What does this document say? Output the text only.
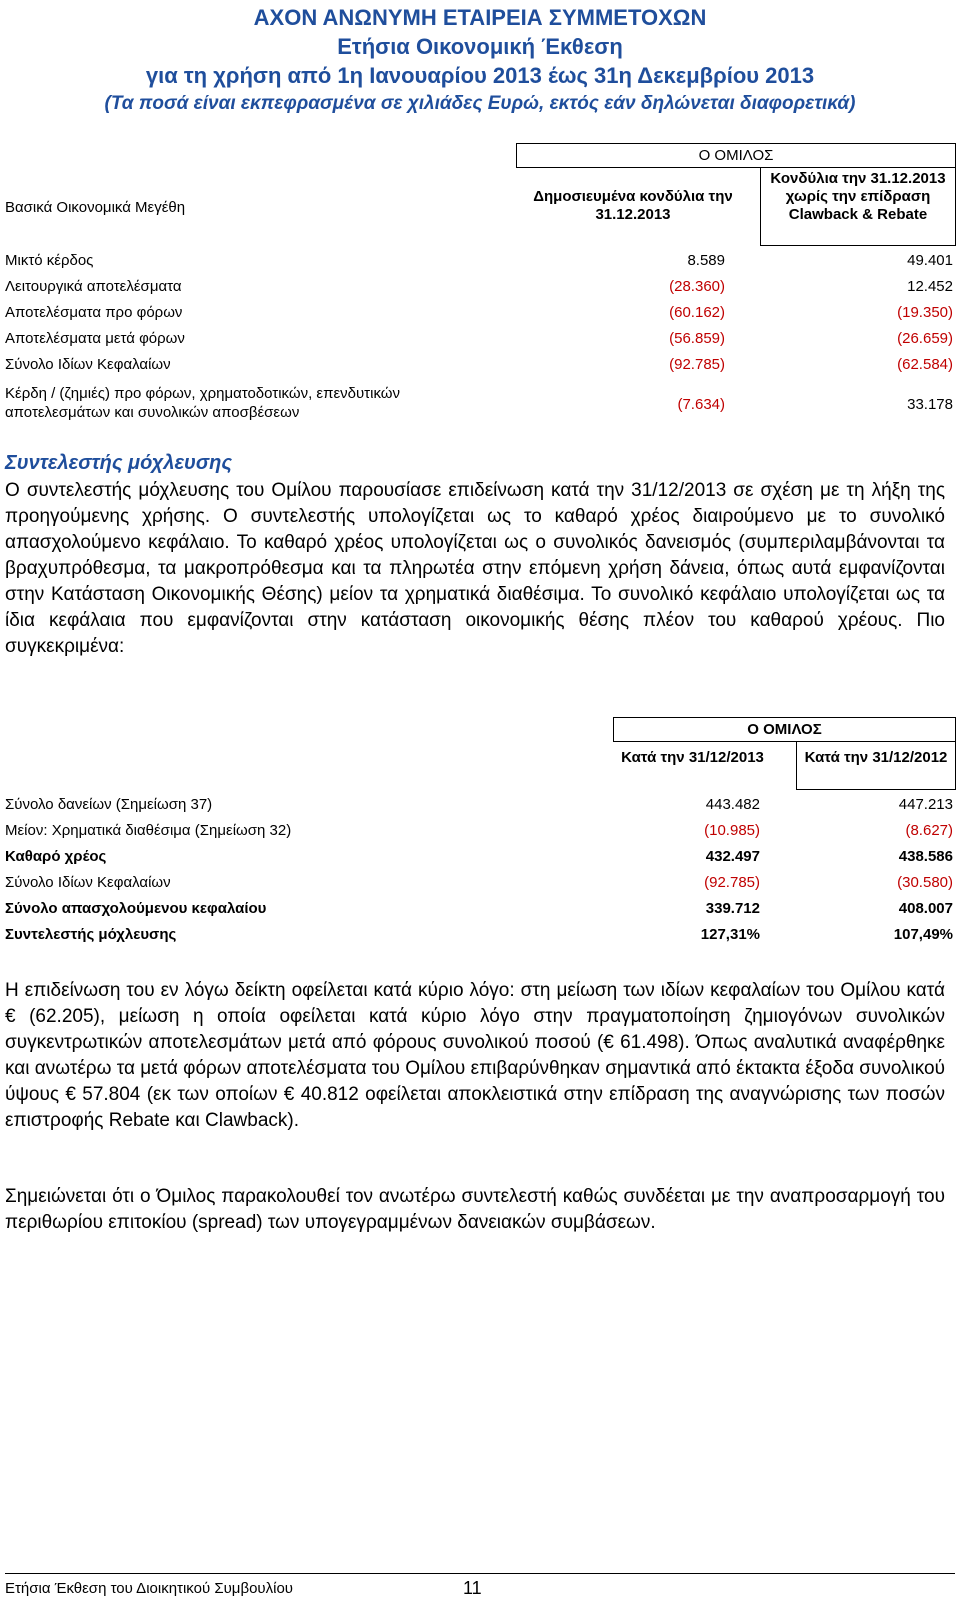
ΑΧΟΝ ΑΝΩΝΥΜΗ ΕΤΑΙΡΕΙΑ ΣΥΜΜΕΤΟΧΩΝ
Ετήσια Οικονομική Έκθεση
για τη χρήση από 1η Ιανουαρίου 2013 έως 31η Δεκεμβρίου 2013
(Τα ποσά είναι εκπεφρασμένα σε χιλιάδες Ευρώ, εκτός εάν δηλώνεται διαφορετικά)
Ο ΟΜΙΛΟΣ
Δημοσιευμένα κονδύλια την 31.12.2013
Κονδύλια την 31.12.2013 χωρίς την επίδραση Clawback & Rebate
Βασικά Οικονομικά Μεγέθη
Μικτό κέρδος	8.589	49.401
Λειτουργικά αποτελέσματα	(28.360)	12.452
Αποτελέσματα προ φόρων	(60.162)	(19.350)
Αποτελέσματα μετά φόρων	(56.859)	(26.659)
Σύνολο Ιδίων Κεφαλαίων	(92.785)	(62.584)
Κέρδη / (ζημιές) προ φόρων, χρηματοδοτικών, επενδυτικών αποτελεσμάτων και συνολικών αποσβέσεων	(7.634)	33.178
Συντελεστής μόχλευσης
Ο συντελεστής μόχλευσης του Ομίλου παρουσίασε επιδείνωση κατά την 31/12/2013 σε σχέση με τη λήξη της προηγούμενης χρήσης. Ο συντελεστής υπολογίζεται ως το καθαρό χρέος διαιρούμενο με το συνολικό απασχολούμενο κεφάλαιο. Το καθαρό χρέος υπολογίζεται ως ο συνολικός δανεισμός (συμπεριλαμβάνονται τα βραχυπρόθεσμα, τα μακροπρόθεσμα και τα πληρωτέα στην επόμενη χρήση δάνεια, όπως αυτά εμφανίζονται στην Κατάσταση Οικονομικής Θέσης) μείον τα χρηματικά διαθέσιμα. Το συνολικό κεφάλαιο υπολογίζεται ως τα ίδια κεφάλαια που εμφανίζονται στην κατάσταση οικονομικής θέσης πλέον του καθαρού χρέους. Πιο συγκεκριμένα:
Ο ΟΜΙΛΟΣ
Κατά την 31/12/2013	Κατά την 31/12/2012
Σύνολο δανείων (Σημείωση 37)	443.482	447.213
Μείον: Χρηματικά διαθέσιμα (Σημείωση 32)	(10.985)	(8.627)
Καθαρό χρέος	432.497	438.586
Σύνολο Ιδίων Κεφαλαίων	(92.785)	(30.580)
Σύνολο απασχολούμενου κεφαλαίου	339.712	408.007
Συντελεστής μόχλευσης	127,31%	107,49%
Η επιδείνωση του εν λόγω δείκτη οφείλεται κατά κύριο λόγο: στη μείωση των ιδίων κεφαλαίων του Ομίλου κατά € (62.205), μείωση η οποία οφείλεται κατά κύριο λόγο στην πραγματοποίηση ζημιογόνων συνολικών συγκεντρωτικών αποτελεσμάτων μετά από φόρους συνολικού ποσού (€ 61.498). Όπως αναλυτικά αναφέρθηκε και ανωτέρω τα μετά φόρων αποτελέσματα του Ομίλου επιβαρύνθηκαν σημαντικά από έκτακτα έξοδα συνολικού ύψους € 57.804 (εκ των οποίων € 40.812 οφείλεται αποκλειστικά στην επίδραση της αναγνώρισης των ποσών επιστροφής Rebate και Clawback).
Σημειώνεται ότι ο Όμιλος παρακολουθεί τον ανωτέρω συντελεστή καθώς συνδέεται με την αναπροσαρμογή του περιθωρίου επιτοκίου (spread) των υπογεγραμμένων δανειακών συμβάσεων.
Ετήσια Έκθεση του Διοικητικού Συμβουλίου	11
